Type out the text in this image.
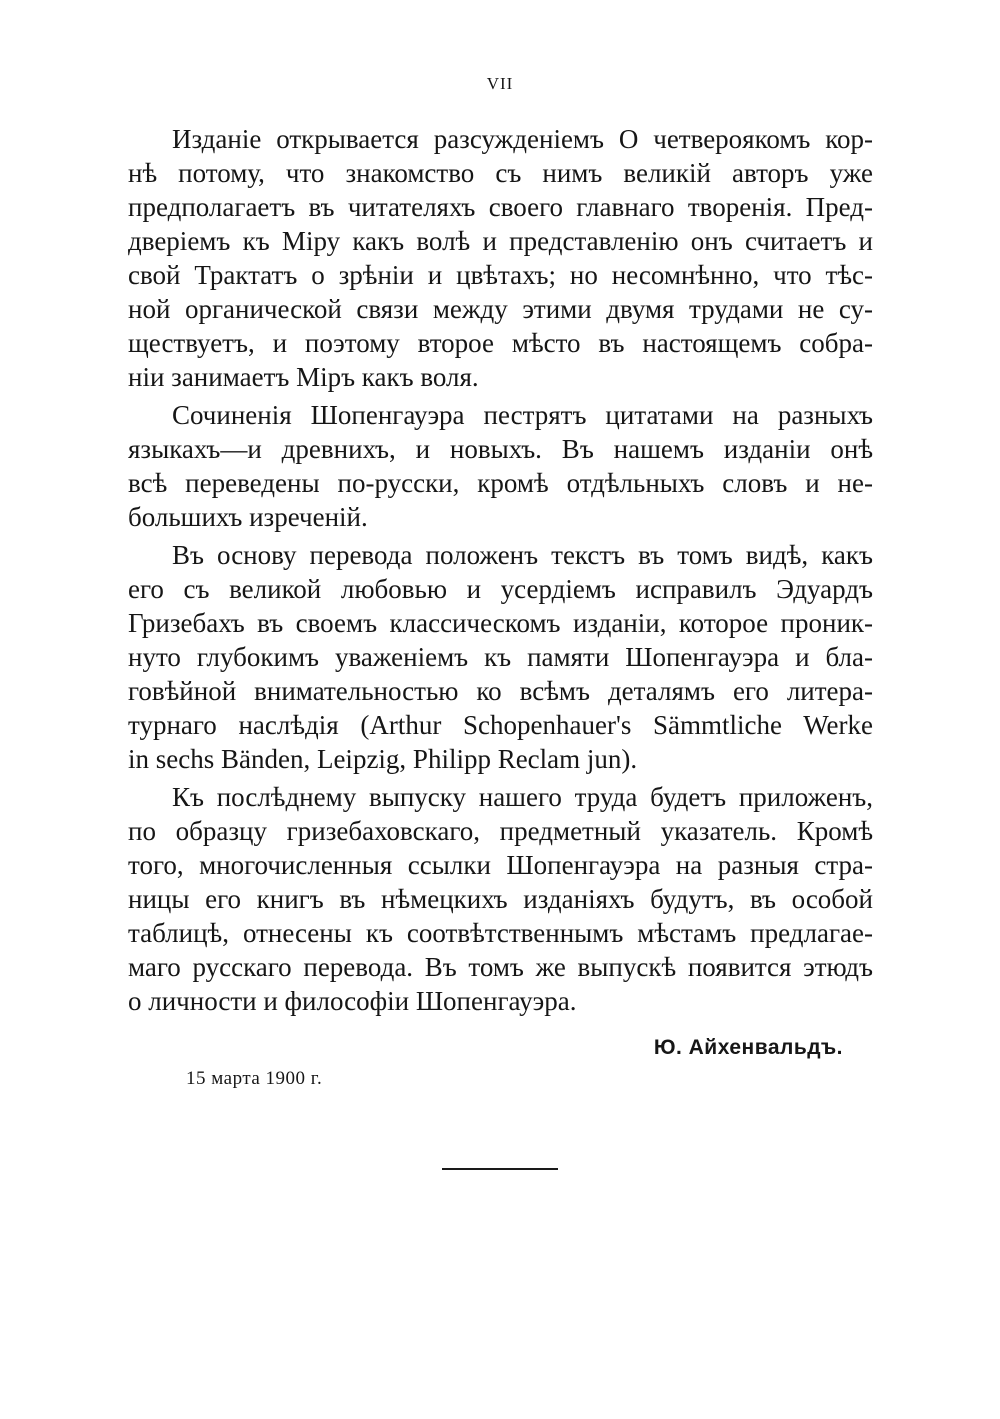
VII
Изданіе открывается разсужденіемъ О четверoякомъ кор-
нѣ потому, что знакомство съ нимъ великій авторъ уже
предполагаетъ въ читателяхъ своего главнаго творенія. Пред-
дверіемъ къ Міру какъ волѣ и представленію онъ считаетъ и
свой Трактатъ о зрѣніи и цвѣтахъ; но несомнѣнно, что тѣс-
ной органической связи между этими двумя трудами не су-
ществуетъ, и поэтому второе мѣсто въ настоящемъ собра-
ніи занимаетъ Міръ какъ воля.
Сочиненія Шопенгауэра пестрятъ цитатами на разныхъ
языкахъ—и древнихъ, и новыхъ. Въ нашемъ изданіи онѣ
всѣ переведены по-русски, кромѣ отдѣльныхъ словъ и не-
большихъ изреченій.
Въ основу перевода положенъ текстъ въ томъ видѣ, какъ
его съ великой любовью и усердіемъ исправилъ Эдуардъ
Гризебахъ въ своемъ классическомъ изданіи, которое проник-
нуто глубокимъ уваженіемъ къ памяти Шопенгауэра и бла-
говѣйной внимательностью ко всѣмъ деталямъ его литера-
турнаго наслѣдія (Arthur Schopenhauer's Sämmtliche Werke
in sechs Bänden, Leipzig, Philipp Reclam jun).
Къ послѣднему выпуску нашего труда будетъ приложенъ,
по образцу гризебаховскаго, предметный указатель. Кромѣ
того, многочисленныя ссылки Шопенгауэра на разныя стра-
ницы его книгъ въ нѣмецкихъ изданіяхъ будутъ, въ особой
таблицѣ, отнесены къ соотвѣтственнымъ мѣстамъ предлагае-
маго русскаго перевода. Въ томъ же выпускѣ появится этюдъ
о личности и философіи Шопенгауэра.
Ю. Айхенвальдъ.
15 марта 1900 г.
